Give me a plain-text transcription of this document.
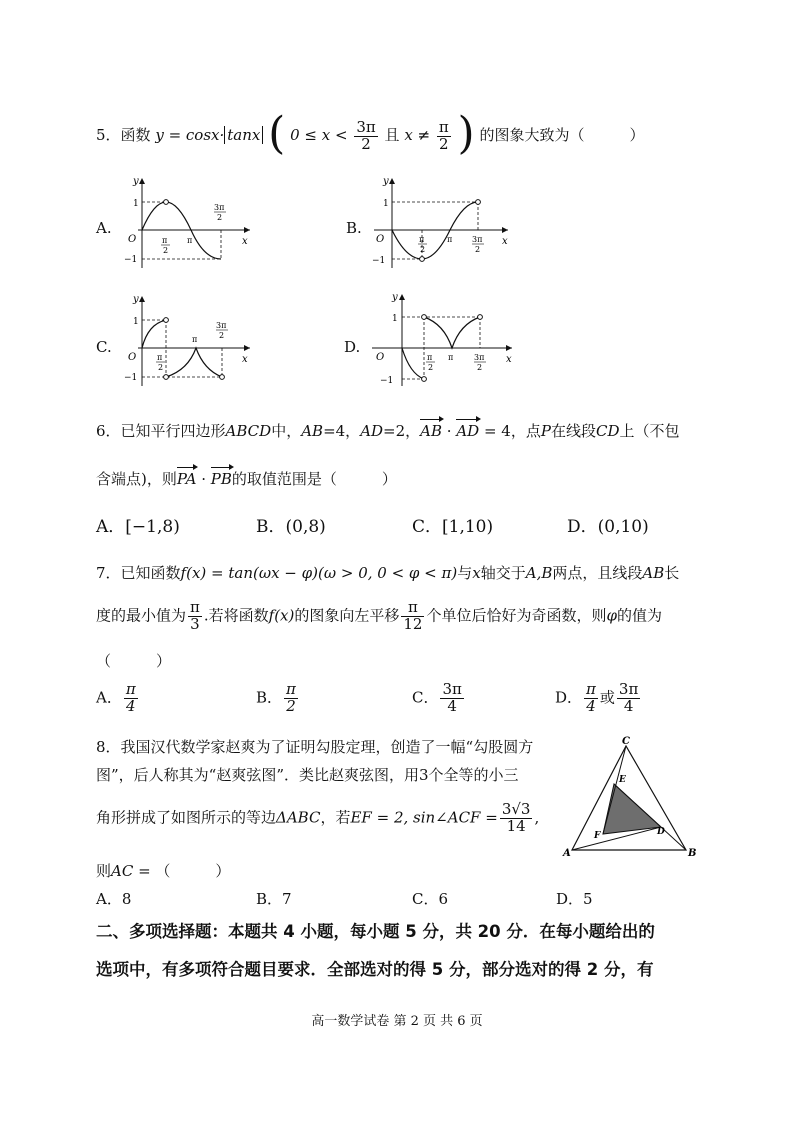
5．函数 y = cosx· tanx ( $0 \le x < \frac{3\pi}{2}$ 且 $x \ne \frac{\pi}{2}$ ) 的图象大致为（　　　）
A.	B.
C.	D.
y
x
O
1
−1
π
2
π
3π
2
y
x
O
1
−1
π
2
π 3π
2
y
x
O
1
−1
π
2
π
3π
2
y
x
O
1
−1
π
2
π	3π
2
6．已知平行四边形ABCD中，AB=4，AD=2，AB · AD = 4，点P在线段CD上（不包
含端点)，则PA · PB的取值范围是（　　　）
A．[−1,8)	B．(0,8)	C．[1,10)	D．(0,10)
7．已知函数f(x) = tan(ωx − φ)(ω > 0, 0 < φ < π)与x轴交于A,B两点，且线段AB长
度的最小值为 $\frac{\pi}{3}$ .若将函数f(x)的图象向左平移 $\frac{\pi}{12}$ 个单位后恰好为奇函数，则φ的值为
（　　　）
A． $\frac{\pi}{4}$	B． $\frac{\pi}{2}$	C． $\frac{3\pi}{4}$	D． $\frac{\pi}{4}$ 或 $\frac{3\pi}{4}$
8．我国汉代数学家赵爽为了证明勾股定理，创造了一幅“勾股圆方
图”，后人称其为“赵爽弦图”．类比赵爽弦图，用3个全等的小三
角形拼成了如图所示的等边ΔABC，若EF = 2, sin∠ACF = $\frac{3√3}{14}$ ,
则AC = （　　　）
A．8	B．7	C．6	D．5
C
A	B
E
F	D
二、多项选择题：本题共 4 小题，每小题 5 分，共 20 分．在每小题给出的
选项中，有多项符合题目要求．全部选对的得 5 分，部分选对的得 2 分，有
高一数学试卷 第 2 页 共 6 页
